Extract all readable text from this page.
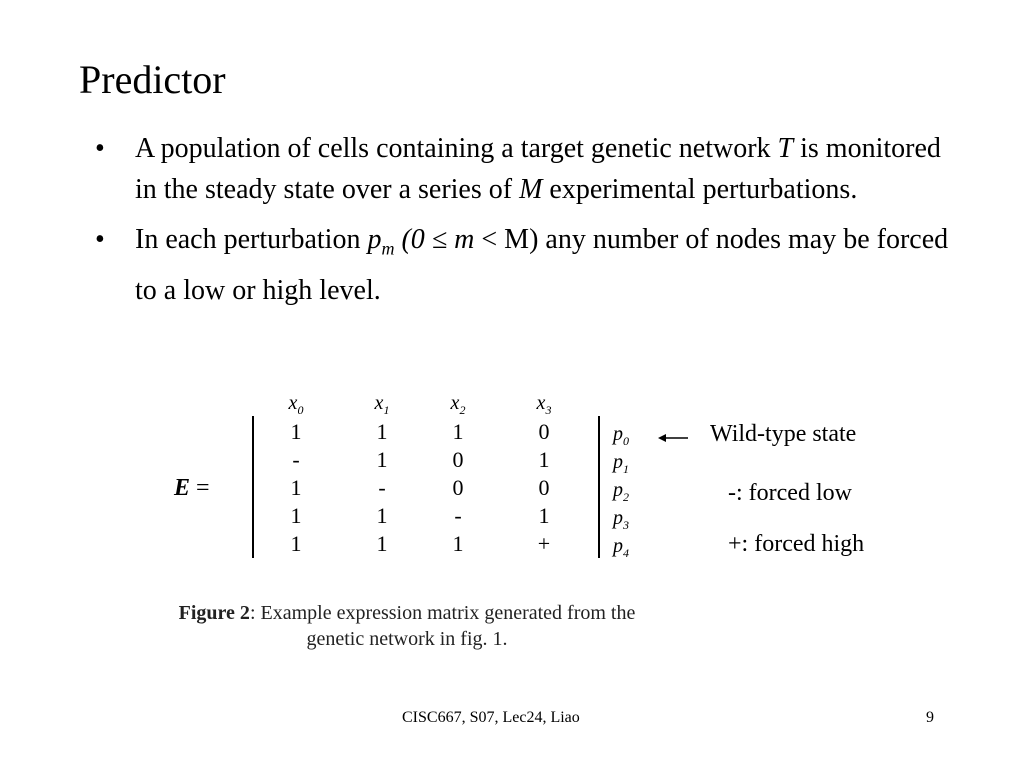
Predictor
• A population of cells containing a target genetic network T is monitored in the steady state over a series of M experimental perturbations.
• In each perturbation $p_m$ (0 ≤ m < M) any number of nodes may be forced to a low or high level.
$x_0$	$x_1$	$x_2$	$x_3$
E =
1	1	1	0	$p_0$
-	1	0	1	$p_1$
1	-	0	0	$p_2$
1	1	-	1	$p_3$
1	1	1	+	$p_4$
Wild-type state
-: forced low
+: forced high
Figure 2: Example expression matrix generated from the genetic network in fig. 1.
CISC667, S07, Lec24, Liao	9
